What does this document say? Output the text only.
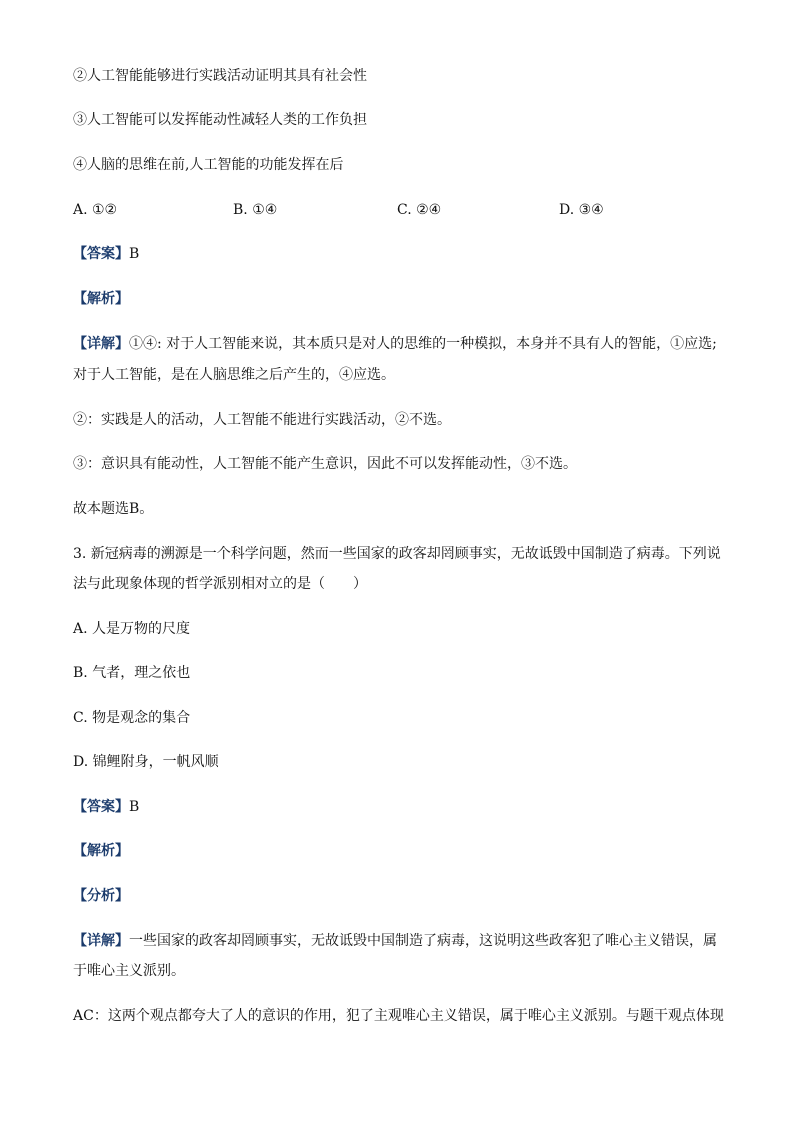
②人工智能能够进行实践活动证明其具有社会性
③人工智能可以发挥能动性减轻人类的工作负担
④人脑的思维在前,人工智能的功能发挥在后
A. ①②	B. ①④	C. ②④	D. ③④
【答案】B
【解析】
【详解】①④: 对于人工智能来说，其本质只是对人的思维的一种模拟，本身并不具有人的智能，①应选;
对于人工智能，是在人脑思维之后产生的，④应选。
②：实践是人的活动，人工智能不能进行实践活动，②不选。
③：意识具有能动性，人工智能不能产生意识，因此不可以发挥能动性，③不选。
故本题选B。
3. 新冠病毒的溯源是一个科学问题，然而一些国家的政客却罔顾事实，无故诋毁中国制造了病毒。下列说
法与此现象体现的哲学派别相对立的是（　　）
A. 人是万物的尺度
B. 气者，理之依也
C. 物是观念的集合
D. 锦鲤附身，一帆风顺
【答案】B
【解析】
【分析】
【详解】一些国家的政客却罔顾事实，无故诋毁中国制造了病毒，这说明这些政客犯了唯心主义错误，属
于唯心主义派别。
AC：这两个观点都夸大了人的意识的作用，犯了主观唯心主义错误，属于唯心主义派别。与题干观点体现
